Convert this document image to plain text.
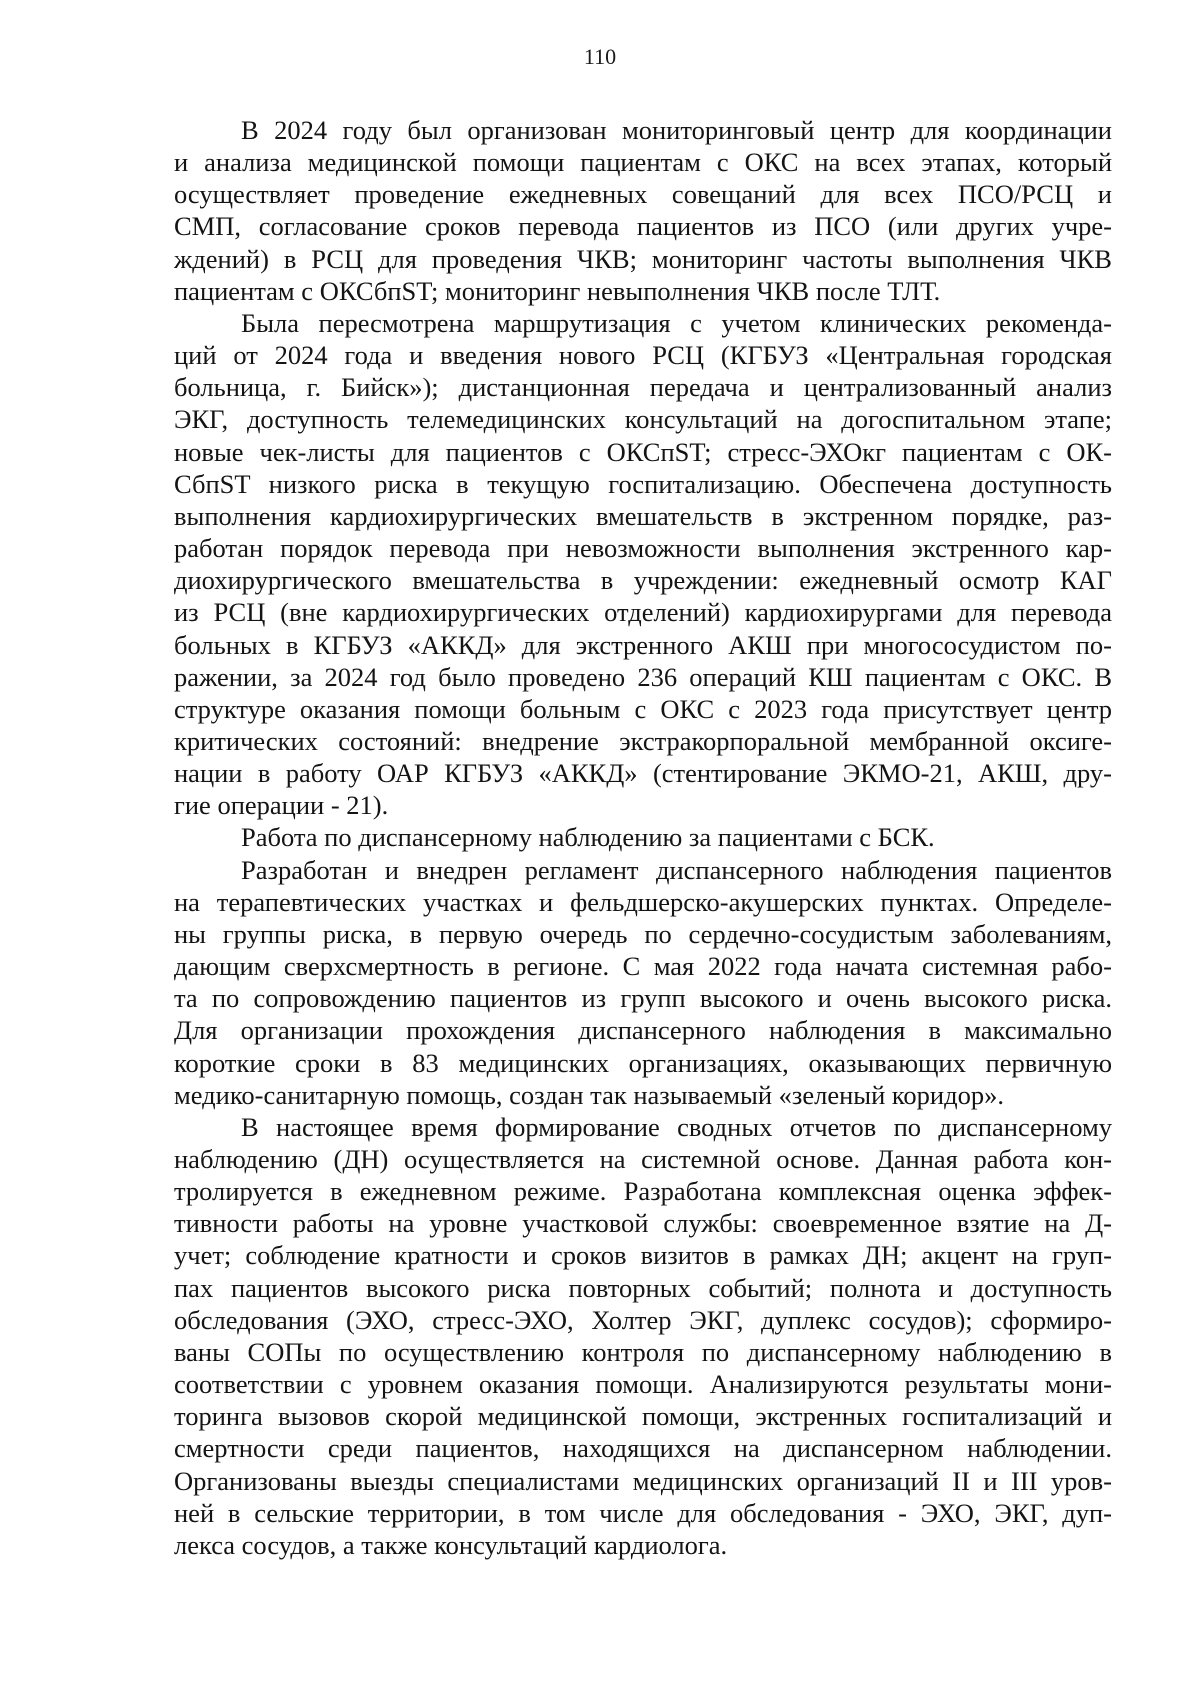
110
В 2024 году был организован мониторинговый центр для координации
и анализа медицинской помощи пациентам с ОКС на всех этапах, который
осуществляет проведение ежедневных совещаний для всех ПСО/РСЦ и
СМП, согласование сроков перевода пациентов из ПСО (или других учре-
ждений) в РСЦ для проведения ЧКВ; мониторинг частоты выполнения ЧКВ
пациентам с ОКСбпST; мониторинг невыполнения ЧКВ после ТЛТ.
Была пересмотрена маршрутизация с учетом клинических рекоменда-
ций от 2024 года и введения нового РСЦ (КГБУЗ «Центральная городская
больница, г. Бийск»); дистанционная передача и централизованный анализ
ЭКГ, доступность телемедицинских консультаций на догоспитальном этапе;
новые чек-листы для пациентов с ОКСпST; стресс-ЭХОкг пациентам с ОК-
СбпST низкого риска в текущую госпитализацию. Обеспечена доступность
выполнения кардиохирургических вмешательств в экстренном порядке, раз-
работан порядок перевода при невозможности выполнения экстренного кар-
диохирургического вмешательства в учреждении: ежедневный осмотр КАГ
из РСЦ (вне кардиохирургических отделений) кардиохирургами для перевода
больных в КГБУЗ «АККД» для экстренного АКШ при многососудистом по-
ражении, за 2024 год было проведено 236 операций КШ пациентам с ОКС. В
структуре оказания помощи больным с ОКС с 2023 года присутствует центр
критических состояний: внедрение экстракорпоральной мембранной оксиге-
нации в работу ОАР КГБУЗ «АККД» (стентирование ЭКМО-21, АКШ, дру-
гие операции - 21).
Работа по диспансерному наблюдению за пациентами с БСК.
Разработан и внедрен регламент диспансерного наблюдения пациентов
на терапевтических участках и фельдшерско-акушерских пунктах. Определе-
ны группы риска, в первую очередь по сердечно-сосудистым заболеваниям,
дающим сверхсмертность в регионе. С мая 2022 года начата системная рабо-
та по сопровождению пациентов из групп высокого и очень высокого риска.
Для организации прохождения диспансерного наблюдения в максимально
короткие сроки в 83 медицинских организациях, оказывающих первичную
медико-санитарную помощь, создан так называемый «зеленый коридор».
В настоящее время формирование сводных отчетов по диспансерному
наблюдению (ДН) осуществляется на системной основе. Данная работа кон-
тролируется в ежедневном режиме. Разработана комплексная оценка эффек-
тивности работы на уровне участковой службы: своевременное взятие на Д-
учет; соблюдение кратности и сроков визитов в рамках ДН; акцент на груп-
пах пациентов высокого риска повторных событий; полнота и доступность
обследования (ЭХО, стресс-ЭХО, Холтер ЭКГ, дуплекс сосудов); сформиро-
ваны СОПы по осуществлению контроля по диспансерному наблюдению в
соответствии с уровнем оказания помощи. Анализируются результаты мони-
торинга вызовов скорой медицинской помощи, экстренных госпитализаций и
смертности среди пациентов, находящихся на диспансерном наблюдении.
Организованы выезды специалистами медицинских организаций II и III уров-
ней в сельские территории, в том числе для обследования - ЭХО, ЭКГ, дуп-
лекса сосудов, а также консультаций кардиолога.
